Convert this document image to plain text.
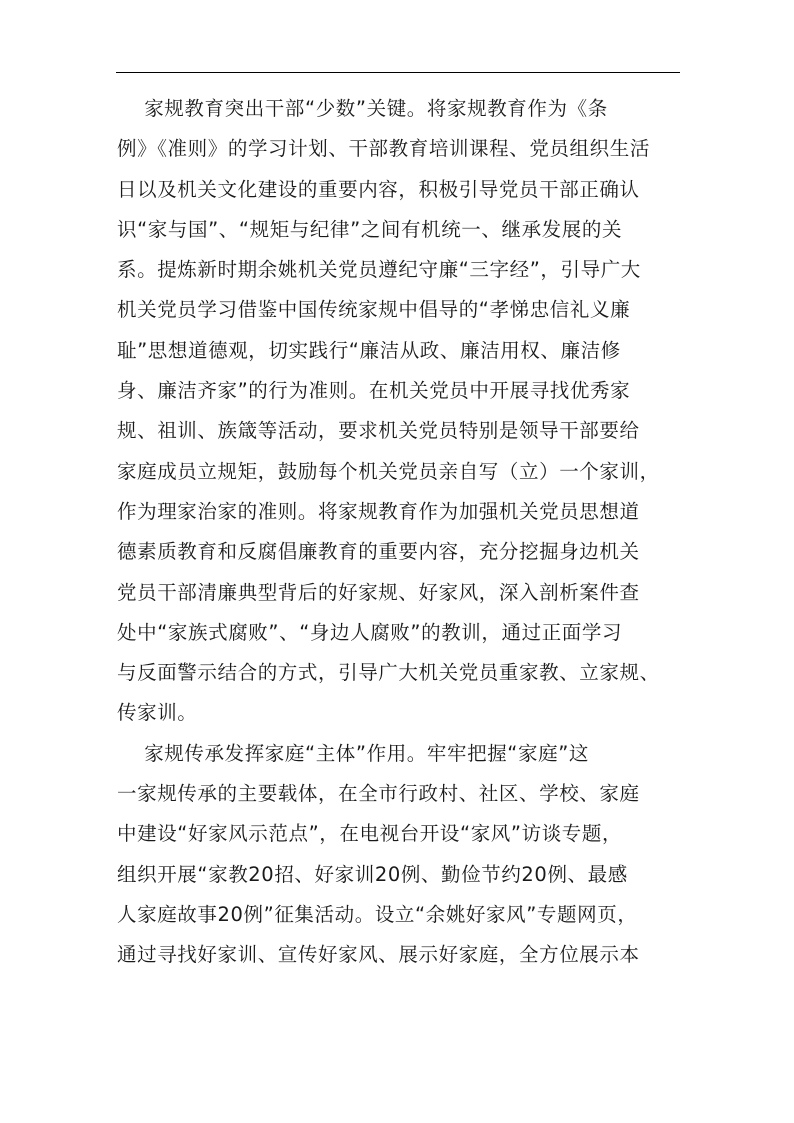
家规教育突出干部“少数”关键。将家规教育作为《条
例》《准则》的学习计划、干部教育培训课程、党员组织生活
日以及机关文化建设的重要内容，积极引导党员干部正确认
识“家与国”、“规矩与纪律”之间有机统一、继承发展的关
系。提炼新时期余姚机关党员遵纪守廉“三字经”，引导广大
机关党员学习借鉴中国传统家规中倡导的“孝悌忠信礼义廉
耻”思想道德观，切实践行“廉洁从政、廉洁用权、廉洁修
身、廉洁齐家”的行为准则。在机关党员中开展寻找优秀家
规、祖训、族箴等活动，要求机关党员特别是领导干部要给
家庭成员立规矩，鼓励每个机关党员亲自写（立）一个家训，
作为理家治家的准则。将家规教育作为加强机关党员思想道
德素质教育和反腐倡廉教育的重要内容，充分挖掘身边机关
党员干部清廉典型背后的好家规、好家风，深入剖析案件查
处中“家族式腐败”、“身边人腐败”的教训，通过正面学习
与反面警示结合的方式，引导广大机关党员重家教、立家规、
传家训。
家规传承发挥家庭“主体”作用。牢牢把握“家庭”这
一家规传承的主要载体，在全市行政村、社区、学校、家庭
中建设“好家风示范点”，在电视台开设“家风”访谈专题，
组织开展“家教20招、好家训20例、勤俭节约20例、最感
人家庭故事20例”征集活动。设立“余姚好家风”专题网页，
通过寻找好家训、宣传好家风、展示好家庭，全方位展示本
